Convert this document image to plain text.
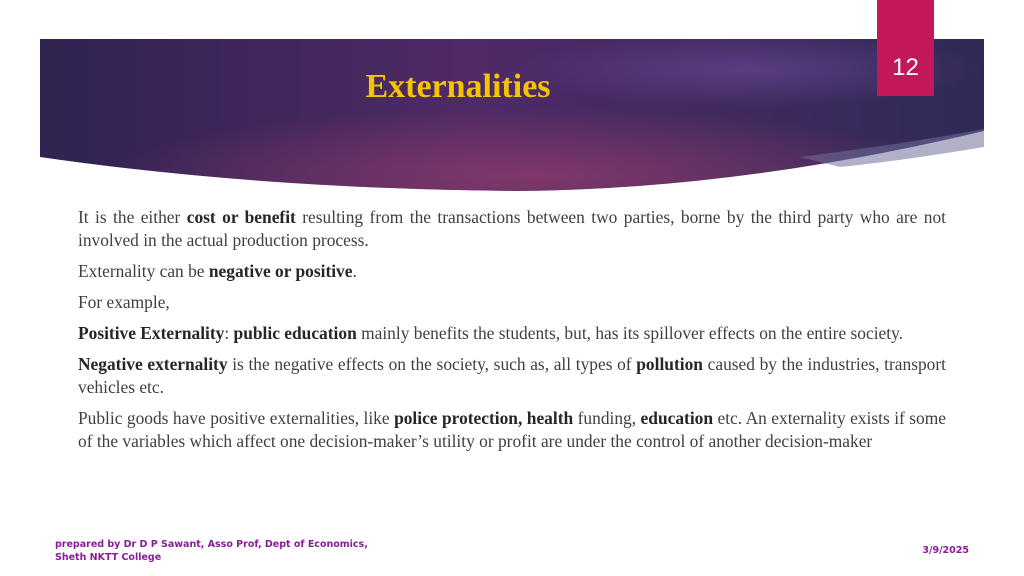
Externalities
12

It is the either cost or benefit resulting from the transactions between two parties, borne by the third party who are not involved in the actual production process.

Externality can be negative or positive.

For example,

Positive Externality: public education mainly benefits the students, but, has its spillover effects on the entire society.

Negative externality is the negative effects on the society, such as, all types of pollution caused by the industries, transport vehicles etc.

Public goods have positive externalities, like police protection, health funding, education etc. An externality exists if some of the variables which affect one decision-maker’s utility or profit are under the control of another decision-maker

prepared by Dr D P Sawant, Asso Prof, Dept of Economics,
Sheth NKTT College
3/9/2025
